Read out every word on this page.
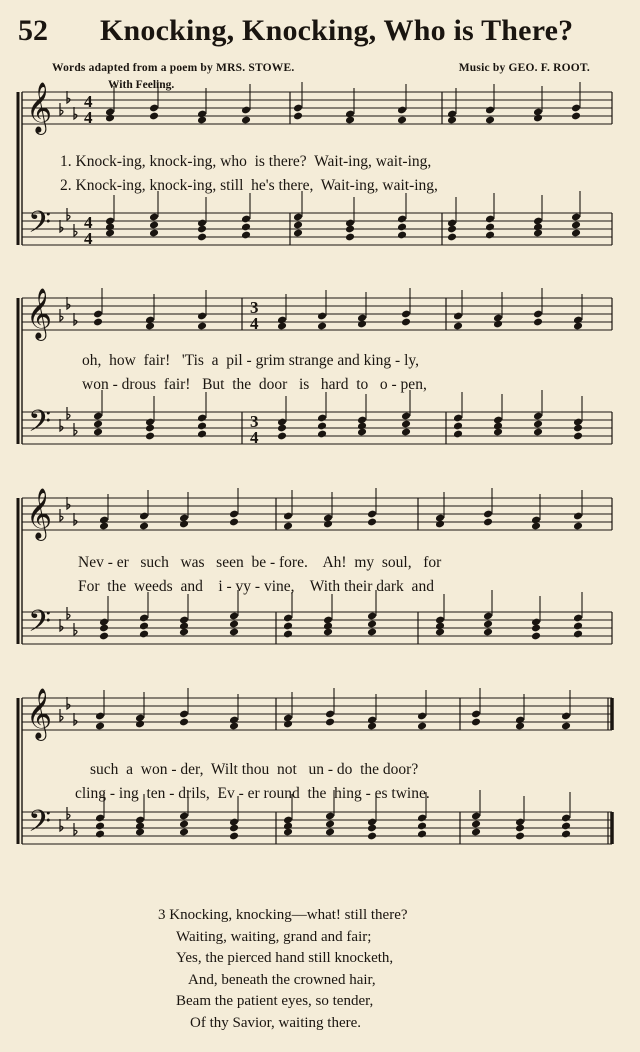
52 Knocking, Knocking, Who is There?
Words adapted from a poem by MRS. STOWE.	Music by GEO. F. ROOT.
With Feeling.
𝄞
𝄢
4
4
4
4
𝄞
𝄢
3
4
3
4
𝄞
𝄢
𝄞
𝄢
1. Knock-ing, knock-ing, who  is there?  Wait-ing, wait-ing,
2. Knock-ing, knock-ing, still  he's there,  Wait-ing, wait-ing,
oh,  how  fair!   'Tis  a  pil - grim strange and king - ly,
won - drous  fair!   But  the  door   is   hard  to   o - pen,
Nev - er   such   was   seen  be - fore.    Ah!  my  soul,   for
For  the  weeds  and    i - vy - vine,    With their dark  and
such  a  won - der,  Wilt thou  not   un - do  the door?
cling - ing  ten - drils,  Ev - er round  the  hing - es twine.
3 Knocking, knocking—what! still there?
Waiting, waiting, grand and fair;
Yes, the pierced hand still knocketh,
And, beneath the crowned hair,
Beam the patient eyes, so tender,
Of thy Savior, waiting there.
